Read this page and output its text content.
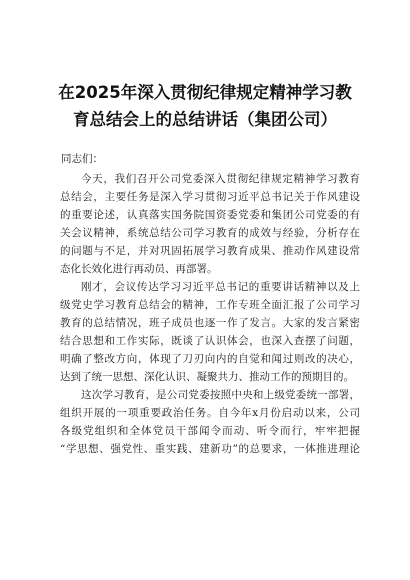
在2025年深入贯彻纪律规定精神学习教
育总结会上的总结讲话（集团公司）
同志们：
今天，我们召开公司党委深入贯彻纪律规定精神学习教育
总结会，主要任务是深入学习贯彻习近平总书记关于作风建设
的重要论述，认真落实国务院国资委党委和集团公司党委的有
关会议精神，系统总结公司学习教育的成效与经验，分析存在
的问题与不足，并对巩固拓展学习教育成果、推动作风建设常
态化长效化进行再动员、再部署。
刚才，会议传达学习习近平总书记的重要讲话精神以及上
级党史学习教育总结会的精神，工作专班全面汇报了公司学习
教育的总结情况，班子成员也逐一作了发言。大家的发言紧密
结合思想和工作实际，既谈了认识体会，也深入查摆了问题，
明确了整改方向，体现了刀刃向内的自觉和闻过则改的决心，
达到了统一思想、深化认识、凝聚共力、推动工作的预期目的。
这次学习教育，是公司党委按照中央和上级党委统一部署，
组织开展的一项重要政治任务。自今年x月份启动以来，公司
各级党组织和全体党员干部闻令而动、听令而行，牢牢把握
“学思想、强党性、重实践、建新功”的总要求，一体推进理论
